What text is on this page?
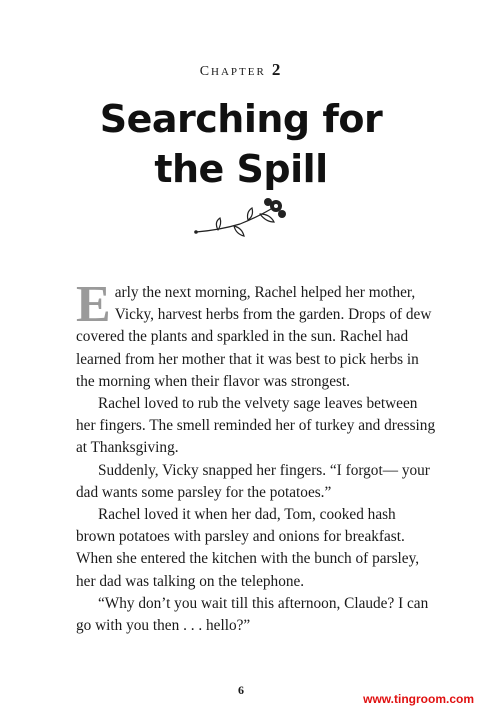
CHAPTER 2
Searching for
the Spill

Early the next morning, Rachel helped her mother, Vicky, harvest herbs from the garden. Drops of dew covered the plants and sparkled in the sun. Rachel had learned from her mother that it was best to pick herbs in the morning when their flavor was strongest.

Rachel loved to rub the velvety sage leaves between her fingers. The smell reminded her of turkey and dressing at Thanksgiving.

Suddenly, Vicky snapped her fingers. “I forgot— your dad wants some parsley for the potatoes.”

Rachel loved it when her dad, Tom, cooked hash brown potatoes with parsley and onions for breakfast. When she entered the kitchen with the bunch of parsley, her dad was talking on the telephone.

“Why don’t you wait till this afternoon, Claude? I can go with you then . . . hello?”

6
www.tingroom.com
